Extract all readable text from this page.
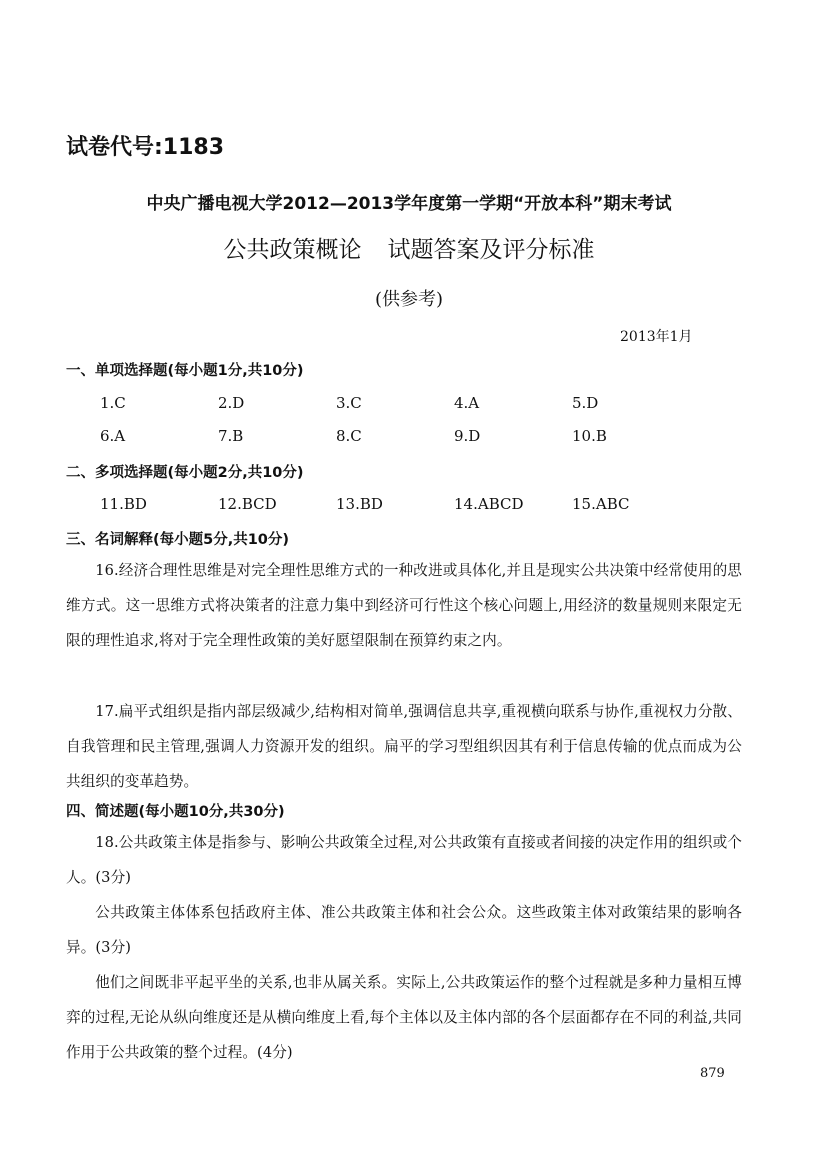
试卷代号:1183
中央广播电视大学2012—2013学年度第一学期“开放本科”期末考试
公共政策概论 试题答案及评分标准
(供参考)
2013年1月
一、单项选择题(每小题1分,共10分)
1.C	2.D	3.C	4.A	5.D
6.A	7.B	8.C	9.D	10.B
二、多项选择题(每小题2分,共10分)
11.BD	12.BCD	13.BD	14.ABCD	15.ABC
三、名词解释(每小题5分,共10分)
16.经济合理性思维是对完全理性思维方式的一种改进或具体化,并且是现实公共决策中经常使用的思维方式。这一思维方式将决策者的注意力集中到经济可行性这个核心问题上,用经济的数量规则来限定无限的理性追求,将对于完全理性政策的美好愿望限制在预算约束之内。
17.扁平式组织是指内部层级减少,结构相对简单,强调信息共享,重视横向联系与协作,重视权力分散、自我管理和民主管理,强调人力资源开发的组织。扁平的学习型组织因其有利于信息传输的优点而成为公共组织的变革趋势。
四、简述题(每小题10分,共30分)
18.公共政策主体是指参与、影响公共政策全过程,对公共政策有直接或者间接的决定作用的组织或个人。(3分)
公共政策主体体系包括政府主体、准公共政策主体和社会公众。这些政策主体对政策结果的影响各异。(3分)
他们之间既非平起平坐的关系,也非从属关系。实际上,公共政策运作的整个过程就是多种力量相互博弈的过程,无论从纵向维度还是从横向维度上看,每个主体以及主体内部的各个层面都存在不同的利益,共同作用于公共政策的整个过程。(4分)
879
